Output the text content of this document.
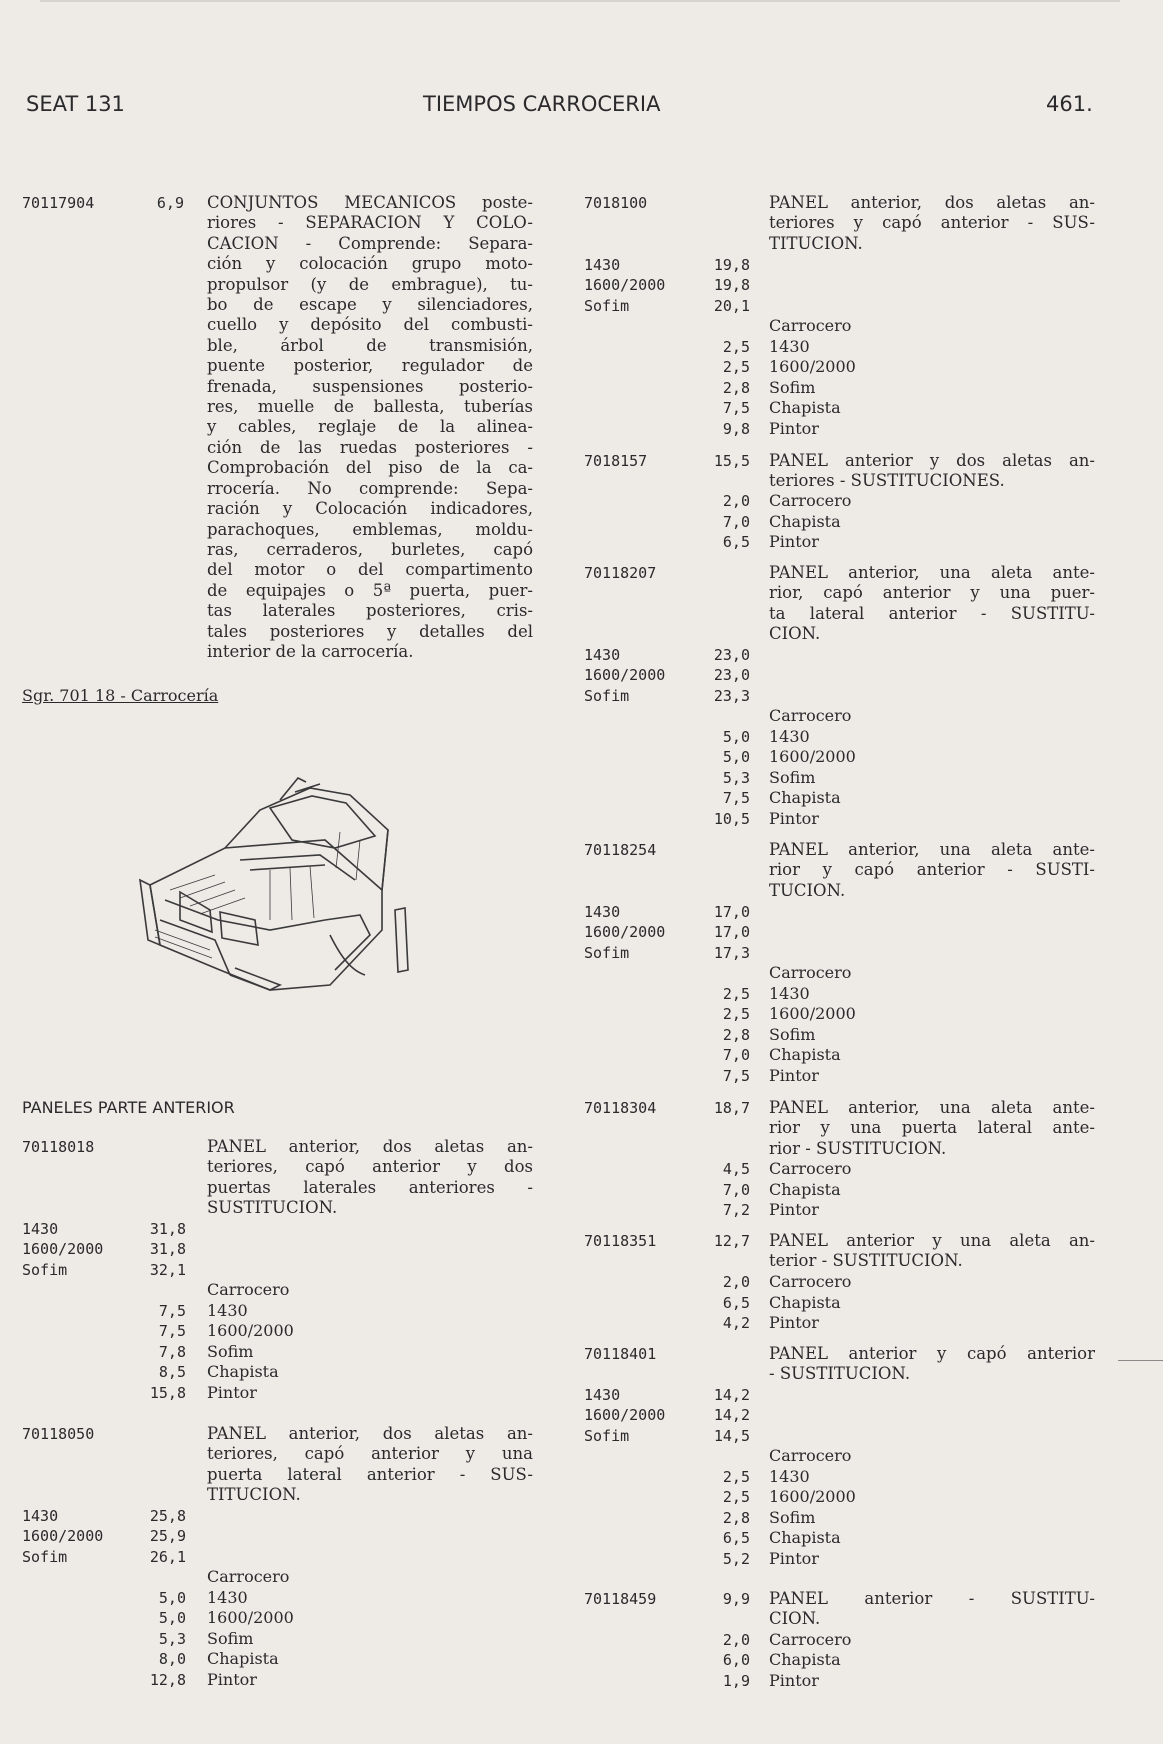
SEAT 131	TIEMPOS CARROCERIA	461.
70117904	6,9 CONJUNTOS MECANICOS poste-
riores - SEPARACION Y COLO-
CACION - Comprende: Separa-
ción y colocación grupo moto-
propulsor (y de embrague), tu-
bo de escape y silenciadores,
cuello y depósito del combusti-
ble, árbol de transmisión,
puente posterior, regulador de
frenada, suspensiones posterio-
res, muelle de ballesta, tuberías
y cables, reglaje de la alinea-
ción de las ruedas posteriores -
Comprobación del piso de la ca-
rrocería. No comprende: Sepa-
ración y Colocación indicadores,
parachoques, emblemas, moldu-
ras, cerraderos, burletes, capó
del motor o del compartimento
de equipajes o 5ª puerta, puer-
tas laterales posteriores, cris-
tales posteriores y detalles del
interior de la carrocería.
Sgr. 701 18 - Carrocería
PANELES PARTE ANTERIOR
70118018	PANEL anterior, dos aletas an-
teriores, capó anterior y dos
puertas laterales anteriores -
SUSTITUCION.
1430	31,8
1600/2000	31,8
Sofim	32,1
Carrocero
7,5 1430
7,5 1600/2000
7,8 Sofim
8,5 Chapista
15,8 Pintor
70118050	PANEL anterior, dos aletas an-
teriores, capó anterior y una
puerta lateral anterior - SUS-
TITUCION.
1430	25,8
1600/2000	25,9
Sofim	26,1
Carrocero
5,0 1430
5,0 1600/2000
5,3 Sofim
8,0 Chapista
12,8 Pintor
7018100	PANEL anterior, dos aletas an-
teriores y capó anterior - SUS-
TITUCION.
1430	19,8
1600/2000	19,8
Sofim	20,1
Carrocero
2,5 1430
2,5 1600/2000
2,8 Sofim
7,5 Chapista
9,8 Pintor
7018157	15,5 PANEL anterior y dos aletas an-
teriores - SUSTITUCIONES.
2,0 Carrocero
7,0 Chapista
6,5 Pintor
70118207	PANEL anterior, una aleta ante-
rior, capó anterior y una puer-
ta lateral anterior - SUSTITU-
CION.
1430	23,0
1600/2000	23,0
Sofim	23,3
Carrocero
5,0 1430
5,0 1600/2000
5,3 Sofim
7,5 Chapista
10,5 Pintor
70118254	PANEL anterior, una aleta ante-
rior y capó anterior - SUSTI-
TUCION.
1430	17,0
1600/2000	17,0
Sofim	17,3
Carrocero
2,5 1430
2,5 1600/2000
2,8 Sofim
7,0 Chapista
7,5 Pintor
70118304	18,7 PANEL anterior, una aleta ante-
rior y una puerta lateral ante-
rior - SUSTITUCION.
4,5 Carrocero
7,0 Chapista
7,2 Pintor
70118351	12,7 PANEL anterior y una aleta an-
terior - SUSTITUCION.
2,0 Carrocero
6,5 Chapista
4,2 Pintor
70118401	PANEL anterior y capó anterior
- SUSTITUCION.
1430	14,2
1600/2000	14,2
Sofim	14,5
Carrocero
2,5 1430
2,5 1600/2000
2,8 Sofim
6,5 Chapista
5,2 Pintor
70118459	9,9 PANEL anterior - SUSTITU-
CION.
2,0 Carrocero
6,0 Chapista
1,9 Pintor
